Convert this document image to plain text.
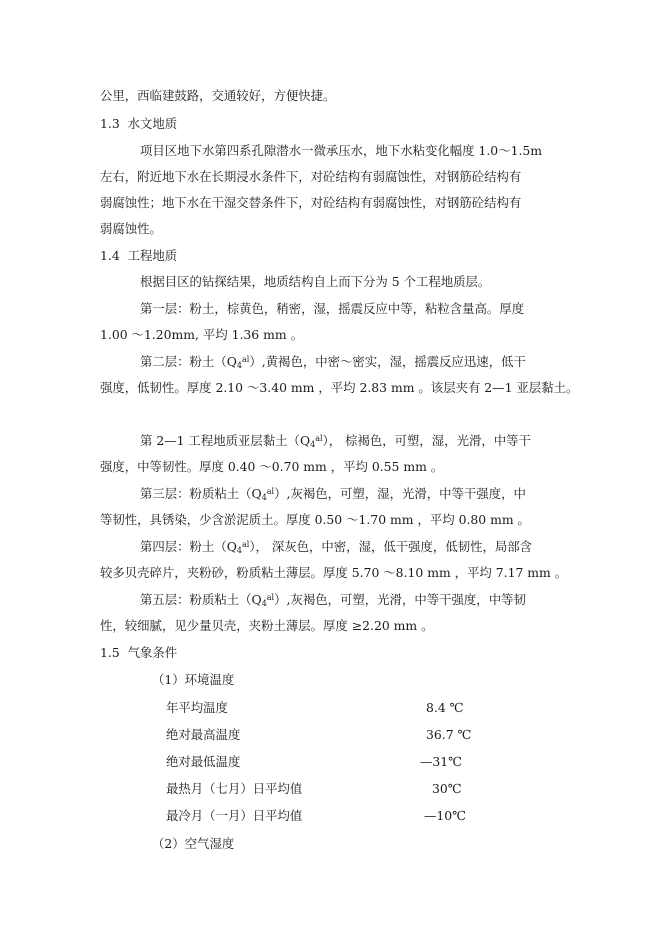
公里，西临建鼓路，交通较好，方便快捷。
1.3 水文地质
项目区地下水第四系孔隙潜水一微承压水，地下水粘变化幅度 1.0～1.5m
左右，附近地下水在长期浸水条件下，对砼结构有弱腐蚀性，对钢筋砼结构有
弱腐蚀性；地下水在干湿交替条件下，对砼结构有弱腐蚀性，对钢筋砼结构有
弱腐蚀性。
1.4 工程地质
根据目区的钻探结果，地质结构自上而下分为 5 个工程地质层。
第一层：粉土，棕黄色，稍密，湿，摇震反应中等，粘粒含量高。厚度
1.00 ～1.20mm, 平均 1.36 mm 。
第二层：粉土$(Q_4^{al})$,黄褐色，中密～密实，湿，摇震反应迅速，低干
强度，低韧性。厚度 2.10 ～3.40 mm ，平均 2.83 mm 。该层夹有 2—1 亚层黏土。
第 2—1 工程地质亚层黏土$(Q_4^{al})$， 棕褐色，可塑，湿，光滑，中等干
强度，中等韧性。厚度 0.40 ～0.70 mm ，平均 0.55 mm 。
第三层：粉质粘土$(Q_4^{al})$,灰褐色，可塑，湿，光滑，中等干强度，中
等韧性，具锈染，少含淤泥质土。厚度 0.50 ～1.70 mm ，平均 0.80 mm 。
第四层：粉土$(Q_4^{al})$， 深灰色，中密，湿，低干强度，低韧性，局部含
较多贝壳碎片，夹粉砂，粉质粘土薄层。厚度 5.70 ～8.10 mm ，平均 7.17 mm 。
第五层：粉质粘土$(Q_4^{al})$,灰褐色，可塑，光滑，中等干强度，中等韧
性，较细腻，见少量贝壳，夹粉土薄层。厚度 ≥2.20 mm 。
1.5 气象条件
（1）环境温度
年平均温度	8.4 ℃
绝对最高温度	36.7 ℃
绝对最低温度	—31℃
最热月（七月）日平均值	30℃
最冷月（一月）日平均值	—10℃
（2）空气湿度
